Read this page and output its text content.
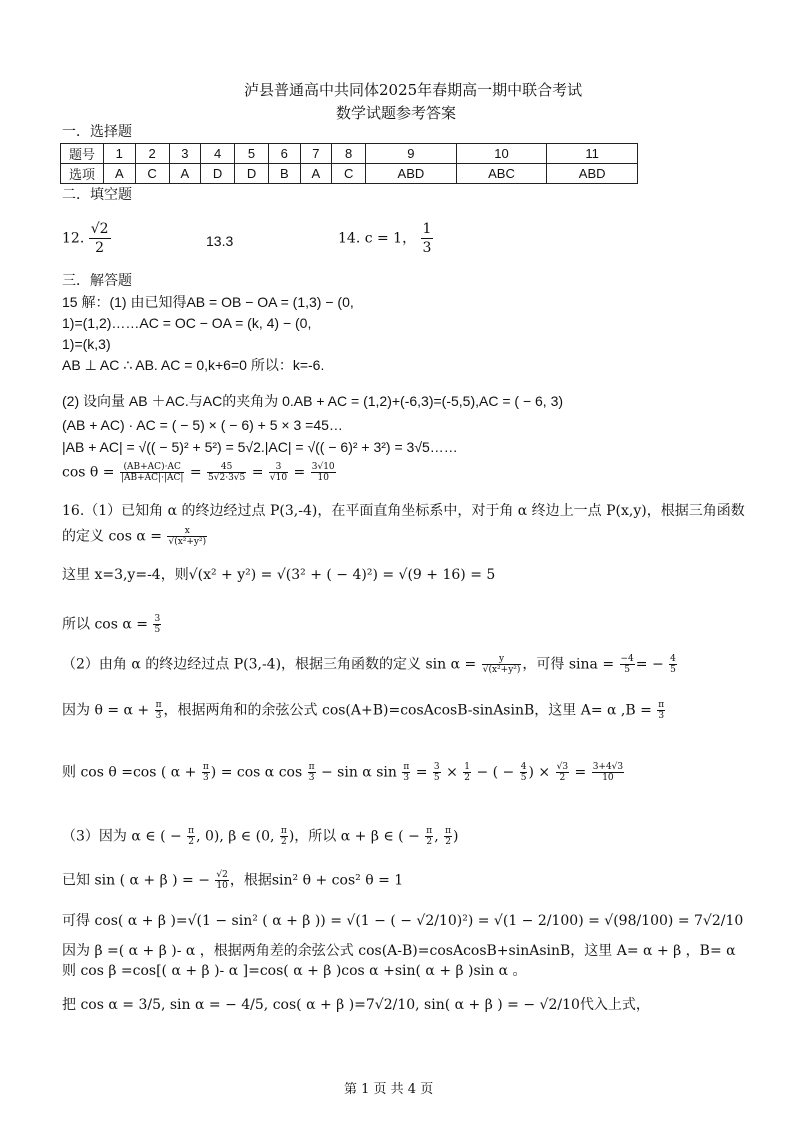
泸县普通高中共同体2025年春期高一期中联合考试
数学试题参考答案
一．选择题
题号	1	2	3	4	5	6	7	8	9	10	11
选项	A	C	A	D	D	B	A	C	ABD	ABC	ABD
二．填空题
12. $\frac{√2}{2}$	13.3	14. c = 1， $\frac{1}{3}$
三．解答题
15 解：(1) 由已知得AB = OB − OA = (1,3) − (0,
1)=(1,2)……AC = OC − OA = (k, 4) − (0,
1)=(k,3)
AB ⊥ AC ∴ AB. AC = 0,k+6=0 所以：k=-6.
(2) 设向量 AB ＋AC.与AC的夹角为 0.AB + AC = (1,2)+(-6,3)=(-5,5),AC = ( − 6, 3)
(AB + AC) · AC = ( − 5) × ( − 6) + 5 × 3 =45…
|AB + AC| = √(( − 5)² + 5²) = 5√2.|AC| = √(( − 6)² + 3²) = 3√5……
$\cos \theta = \frac{(AB+AC)\cdot AC}{|AB+AC|\cdot|AC|} = \frac{45}{5√2\cdot 3√5} = \frac{3}{√10} = \frac{3√10}{10}$
16.（1）已知角 α 的终边经过点 P(3,-4)，在平面直角坐标系中，对于角 α 终边上一点 P(x,y)，根据三角函数
的定义 $\cos \alpha = \frac{x}{\text{√(x²+y²)}}$
这里 x=3,y=-4，则√(x² + y²) = √(3² + ( − 4)²) = √(9 + 16) = 5
所以 $\cos \alpha = \frac{3}{5}$
（2）由角 α 的终边经过点 P(3,-4)，根据三角函数的定义 $\sin \alpha = \frac{y}{\text{√(x²+y²)}}$ ，可得 $\sin a = \frac{-4}{5}$ = − $\frac{4}{5}$
因为 $\theta = \alpha + \frac{\pi}{3}$ ，根据两角和的余弦公式 cos(A+B)=cosAcosB-sinAsinB，这里 A= α $,B = \frac{\pi}{3}$
则 cos θ =cos ( $\alpha + \frac{\pi}{3}$ ) = cos α $\cos \frac{\pi}{3} - \sin \alpha$ $\sin \frac{\pi}{3} = \frac{3}{5} \times \frac{1}{2}$ − ( − $\frac{4}{5}$ ) × $\frac{√3}{2} = \frac{3+4√3}{10}$
（3）因为 α ∈ ( − $\frac{\pi}{2}$ , 0), β ∈ (0, $\frac{\pi}{2}$ )，所以 α + β ∈ ( − $\frac{\pi}{2}$ , $\frac{\pi}{2}$ )
已知 sin ( α + β ) = − $\frac{√2}{10}$ ，根据sin² θ + cos² θ = 1
可得 cos( α + β )=√(1 − sin² ( α + β )) = √(1 − ( − √2/10)²) = √(1 − 2/100) = √(98/100) = 7√2/10
因为 β =( α + β )- α ，根据两角差的余弦公式 cos(A-B)=cosAcosB+sinAsinB，这里 A= α + β ，B= α
则 cos β =cos[( α + β )- α ]=cos( α + β )cos α +sin( α + β )sin α 。
把 cos α = 3/5, sin α = − 4/5, cos( α + β )=7√2/10, sin( α + β ) = − √2/10代入上式，
第 1 页 共 4 页
